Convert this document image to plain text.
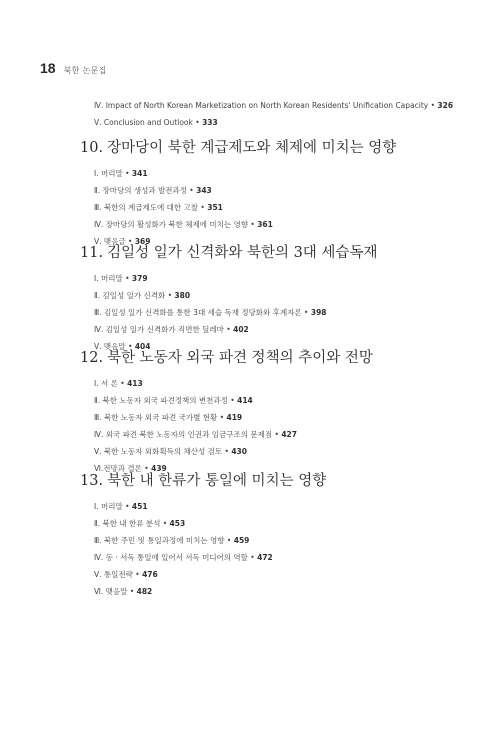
18 북한 논문집
Ⅳ. Impact of North Korean Marketization on North Korean Residents' Unification Capacity • 326
Ⅴ. Conclusion and Outlook • 333
10. 장마당이 북한 계급제도와 체제에 미치는 영향
Ⅰ. 머리말 • 341
Ⅱ. 장마당의 생성과 발전과정 • 343
Ⅲ. 북한의 계급제도에 대한 고찰 • 351
Ⅳ. 장마당의 활성화가 북한 체제에 미치는 영향 • 361
Ⅴ. 맺음글 • 369
11. 김일성 일가 신격화와 북한의 3대 세습독재
Ⅰ. 머리말 • 379
Ⅱ. 김일성 일가 신격화 • 380
Ⅲ. 김일성 일가 신격화를 통한 3대 세습 독재 정당화와 후계자론 • 398
Ⅳ. 김일성 일가 신격화가 직면한 딜레마 • 402
Ⅴ. 맺음말 • 404
12. 북한 노동자 외국 파견 정책의 추이와 전망
Ⅰ. 서 론 • 413
Ⅱ. 북한 노동자 외국 파견정책의 변천과정 • 414
Ⅲ. 북한 노동자 외국 파견 국가별 현황 • 419
Ⅳ. 외국 파견 북한 노동자의 인권과 임금구조의 문제점 • 427
Ⅴ. 북한 노동자 외화획득의 채산성 검토 • 430
Ⅵ.전망과 결론 • 439
13. 북한 내 한류가 통일에 미치는 영향
Ⅰ. 머리말 • 451
Ⅱ. 북한 내 한류 분석 • 453
Ⅲ. 북한 주민 및 통일과정에 미치는 영향 • 459
Ⅳ. 동 · 서독 통일에 있어서 서독 미디어의 역할 • 472
Ⅴ. 통일전략 • 476
Ⅵ. 맺음말 • 482
